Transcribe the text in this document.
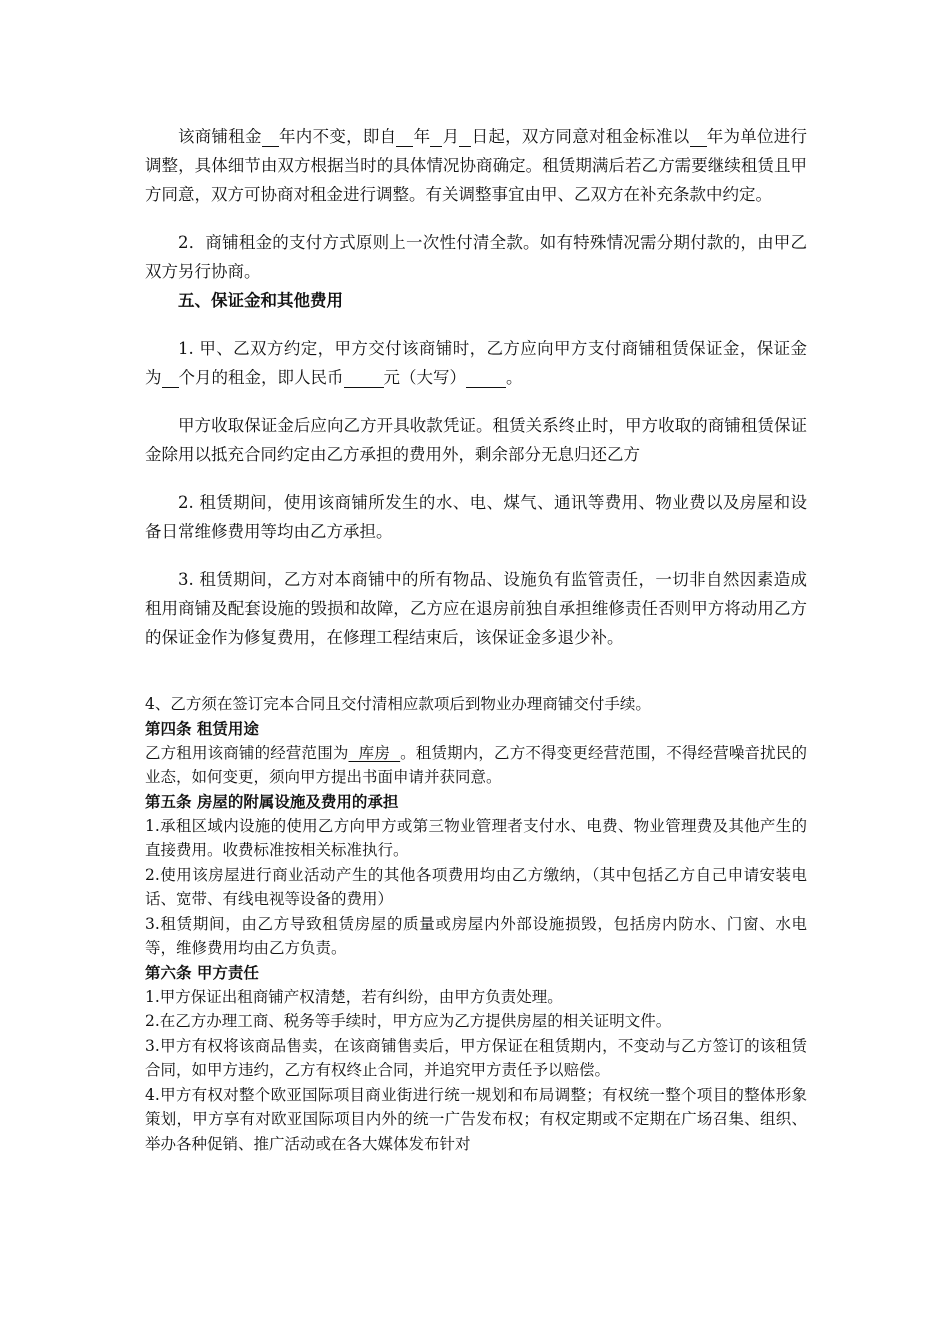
该商铺租金 年内不变，即自 年 月 日起，双方同意对租金标准以 年为单位进行调整，具体细节由双方根据当时的具体情况协商确定。租赁期满后若乙方需要继续租赁且甲方同意，双方可协商对租金进行调整。有关调整事宜由甲、乙双方在补充条款中约定。

2．商铺租金的支付方式原则上一次性付清全款。如有特殊情况需分期付款的，由甲乙双方另行协商。

五、保证金和其他费用

1. 甲、乙双方约定，甲方交付该商铺时，乙方应向甲方支付商铺租赁保证金，保证金为 个月的租金，即人民币 元（大写） 。

甲方收取保证金后应向乙方开具收款凭证。租赁关系终止时，甲方收取的商铺租赁保证金除用以抵充合同约定由乙方承担的费用外，剩余部分无息归还乙方

2. 租赁期间，使用该商铺所发生的水、电、煤气、通讯等费用、物业费以及房屋和设备日常维修费用等均由乙方承担。

3. 租赁期间，乙方对本商铺中的所有物品、设施负有监管责任，一切非自然因素造成租用商铺及配套设施的毁损和故障，乙方应在退房前独自承担维修责任否则甲方将动用乙方的保证金作为修复费用，在修理工程结束后，该保证金多退少补。

4、乙方须在签订完本合同且交付清相应款项后到物业办理商铺交付手续。

第四条 租赁用途

乙方租用该商铺的经营范围为  库房  。租赁期内，乙方不得变更经营范围，不得经营噪音扰民的业态，如何变更，须向甲方提出书面申请并获同意。

第五条 房屋的附属设施及费用的承担

1.承租区域内设施的使用乙方向甲方或第三物业管理者支付水、电费、物业管理费及其他产生的直接费用。收费标准按相关标准执行。

2.使用该房屋进行商业活动产生的其他各项费用均由乙方缴纳，（其中包括乙方自己申请安装电话、宽带、有线电视等设备的费用）

3.租赁期间，由乙方导致租赁房屋的质量或房屋内外部设施损毁，包括房内防水、门窗、水电等，维修费用均由乙方负责。

第六条 甲方责任

1.甲方保证出租商铺产权清楚，若有纠纷，由甲方负责处理。

2.在乙方办理工商、税务等手续时，甲方应为乙方提供房屋的相关证明文件。

3.甲方有权将该商品售卖，在该商铺售卖后，甲方保证在租赁期内，不变动与乙方签订的该租赁合同，如甲方违约，乙方有权终止合同，并追究甲方责任予以赔偿。

4.甲方有权对整个欧亚国际项目商业街进行统一规划和布局调整；有权统一整个项目的整体形象策划，甲方享有对欧亚国际项目内外的统一广告发布权；有权定期或不定期在广场召集、组织、举办各种促销、推广活动或在各大媒体发布针对
